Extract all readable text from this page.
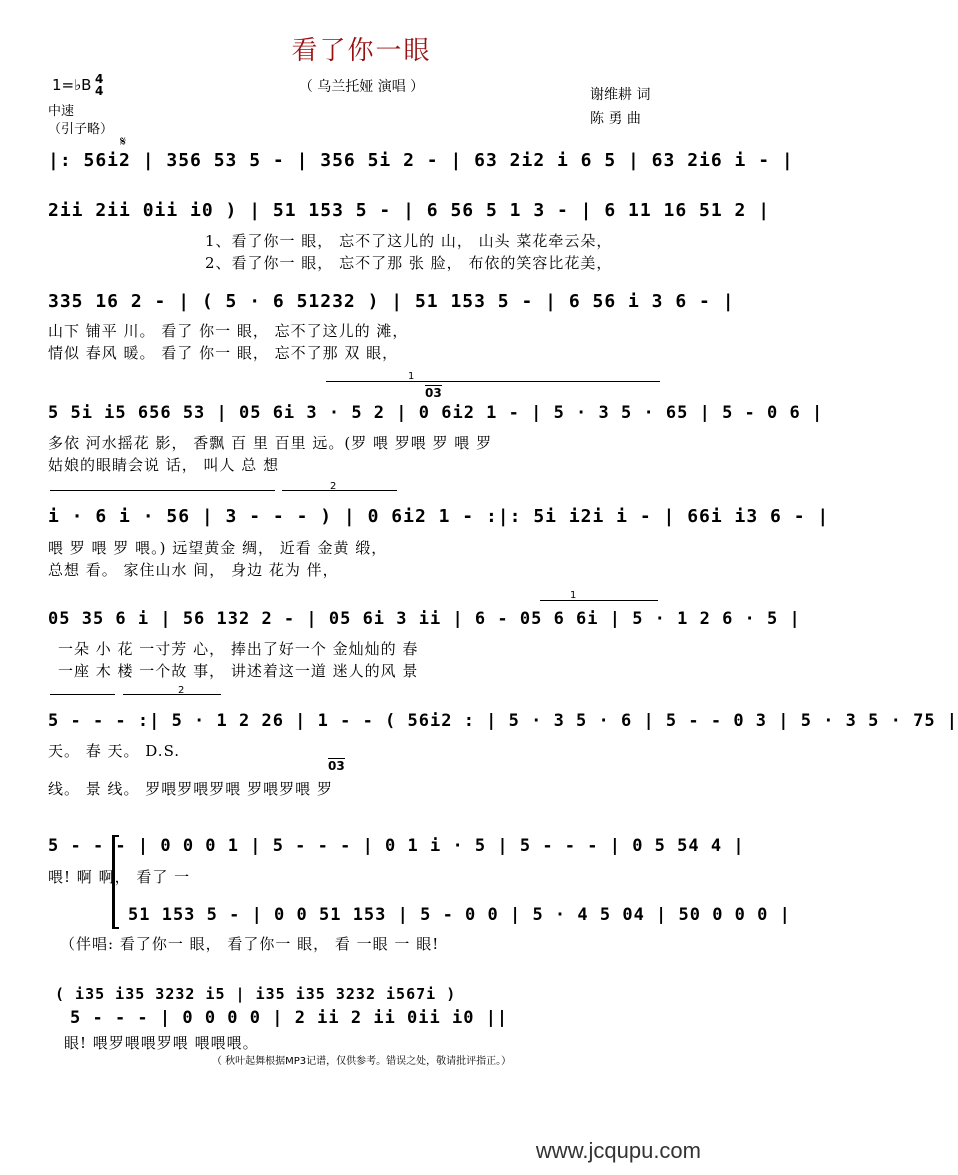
看了你一眼
（ 乌兰托娅 演唱 ）
1=♭B 4
4
中速
（引子略）
谢维耕 词
陈 勇 曲
𝄋
|: 56i2 | 356 53 5 - | 356 5i 2 - | 63 2i2 i 6 5 | 63 2i6 i - |
2ii 2ii 0ii i0 ) | 51 153 5 - | 6 56 5 1 3 - | 6 11 16 51 2 |
1、看了你一 眼， 忘不了这儿的 山， 山头 菜花牵云朵，
2、看了你一 眼， 忘不了那 张 脸， 布依的笑容比花美，
335 16 2 - | ( 5 · 6 51232 ) | 51 153 5 - | 6 56 i 3 6 - |
山下 铺平 川。 看了 你一 眼， 忘不了这儿的 滩，
情似 春风 暖。 看了 你一 眼， 忘不了那 双 眼，
1
03
5 5i i5 656 53 | 05 6i 3 · 5 2 | 0 6i2 1 - | 5 · 3 5 · 65 | 5 - 0 6 |
多依 河水摇花 影， 香飘 百 里 百里 远。(罗 喂 罗喂 罗 喂 罗
姑娘的眼睛会说 话， 叫人 总 想
2
i · 6 i · 56 | 3 - - - ) | 0 6i2 1 - :|: 5i i2i i - | 66i i3 6 - |
喂 罗 喂 罗 喂。) 远望黄金 绸， 近看 金黄 缎，
总想 看。 家住山水 间， 身边 花为 伴，
1
05 35 6 i | 56 132 2 - | 05 6i 3 ii | 6 - 05 6 6i | 5 · 1 2 6 · 5 |
一朵 小 花 一寸芳 心， 捧出了好一个 金灿灿的 春
一座 木 楼 一个故 事， 讲述着这一道 迷人的风 景
2
5 - - - :| 5 · 1 2 26 | 1 - - ( 56i2 : | 5 · 3 5 · 6 | 5 - - 0 3 | 5 · 3 5 · 75 |
天。 春 天。 D.S.
03
线。 景 线。 罗喂罗喂罗喂 罗喂罗喂 罗
5 - - - | 0 0 0 1 | 5 - - - | 0 1 i · 5 | 5 - - - | 0 5 54 4 |
喂! 啊 啊， 看了 一
51 153 5 - | 0 0 51 153 | 5 - 0 0 | 5 · 4 5 04 | 50 0 0 0 |
（伴唱: 看了你一 眼， 看了你一 眼， 看 一眼 一 眼!
( i35 i35 3232 i5 | i35 i35 3232 i567i )
5 - - - | 0 0 0 0 | 2 ii 2 ii 0ii i0 ||
眼! 喂罗喂喂罗喂 喂喂喂。
（ 秋叶起舞根据MP3记谱，仅供参考。错误之处，敬请批评指正。）
www.jcqupu.com
